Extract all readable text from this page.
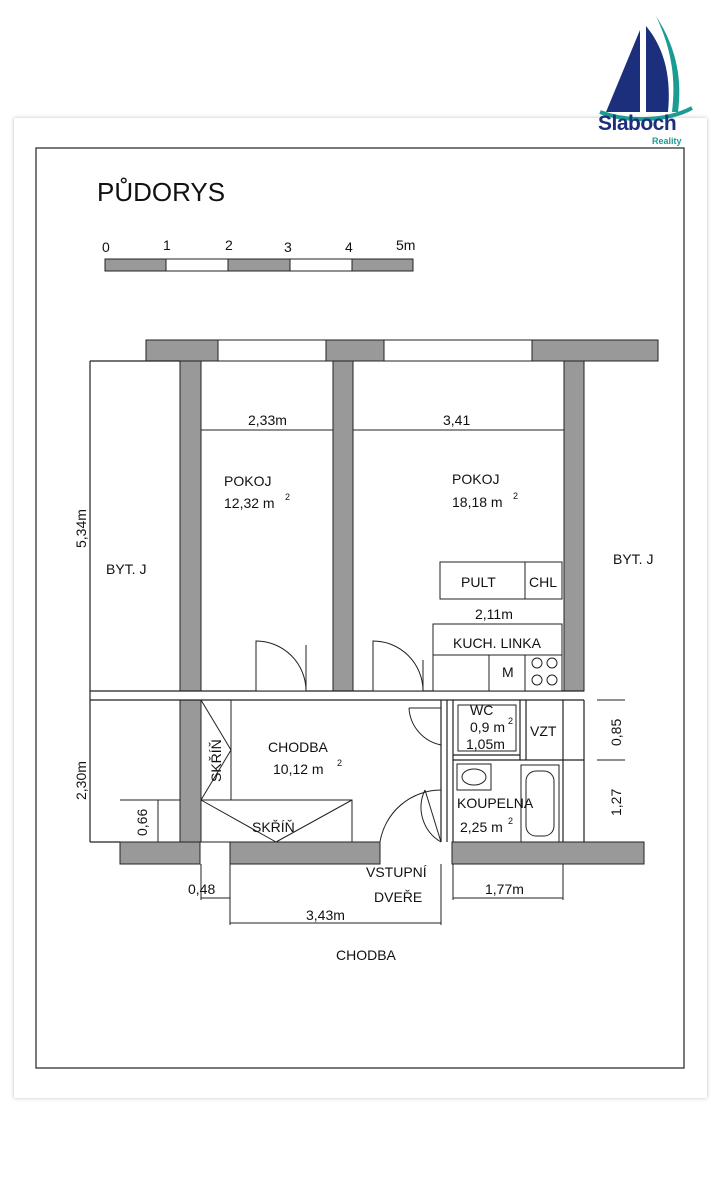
PŮDORYS
0	1	2	3	4	5m
POKOJ
12,32 m 2
POKOJ
18,18 m 2
CHODBA
10,12 m 2
WC
0,9 m 2
KOUPELNA
2,25 m 2
BYT. J
BYT. J
PULT CHL
KUCH. LINKA
M
VZT
SKŘÍŇ
SKŘÍŇ
VSTUPNÍ
DVEŘE
CHODBA
2,33m	3,41
2,11m
5,34m
2,30m
0,66
1,05m	0,85
1,27
0,48
3,43m
1,77m
Slaboch
Reality
